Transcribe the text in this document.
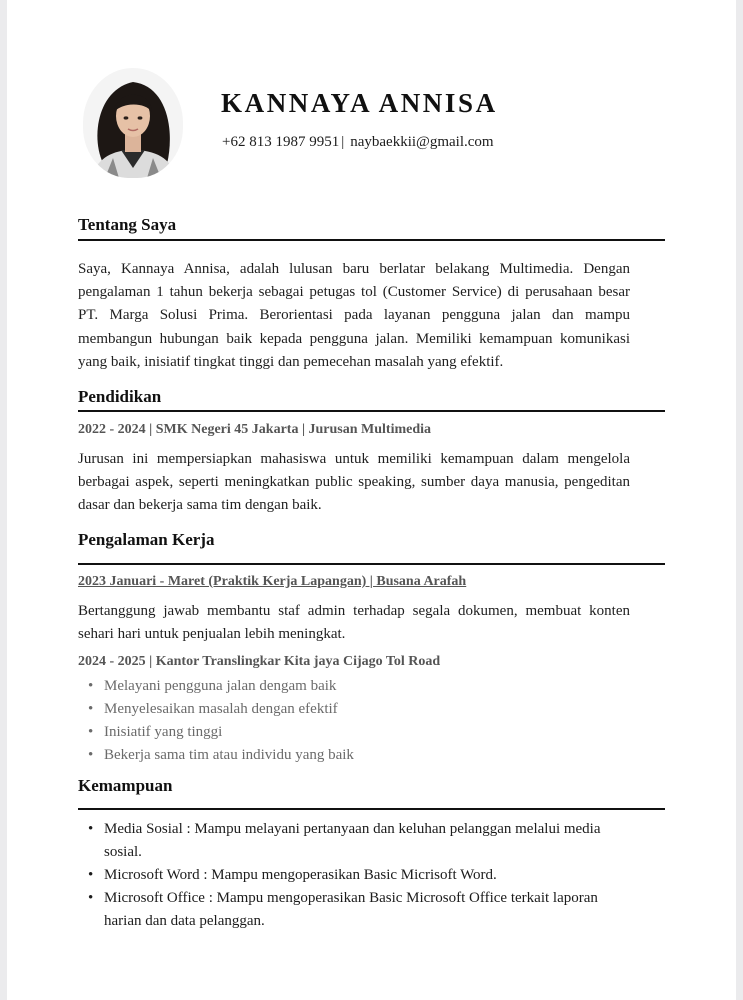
KANNAYA ANNISA
+62 813 1987 9951 | naybaekkii@gmail.com
Tentang Saya
Saya, Kannaya Annisa, adalah lulusan baru berlatar belakang Multimedia. Dengan pengalaman 1 tahun bekerja sebagai petugas tol (Customer Service) di perusahaan besar PT. Marga Solusi Prima. Berorientasi pada layanan pengguna jalan dan mampu membangun hubungan baik kepada pengguna jalan. Memiliki kemampuan komunikasi yang baik, inisiatif tingkat tinggi dan pemecehan masalah yang efektif.
Pendidikan
2022 - 2024 | SMK Negeri 45 Jakarta | Jurusan Multimedia
Jurusan ini mempersiapkan mahasiswa untuk memiliki kemampuan dalam mengelola berbagai aspek, seperti meningkatkan public speaking, sumber daya manusia, pengeditan dasar dan bekerja sama tim dengan baik.
Pengalaman Kerja
2023 Januari - Maret (Praktik Kerja Lapangan) | Busana Arafah
Bertanggung jawab membantu staf admin terhadap segala dokumen, membuat konten sehari hari untuk penjualan lebih meningkat.
2024 - 2025 | Kantor Translingkar Kita jaya Cijago Tol Road
• Melayani pengguna jalan dengam baik
• Menyelesaikan masalah dengan efektif
• Inisiatif yang tinggi
• Bekerja sama tim atau individu yang baik
Kemampuan
• Media Sosial : Mampu melayani pertanyaan dan keluhan pelanggan melalui media sosial.
• Microsoft Word : Mampu mengoperasikan Basic Micrisoft Word.
• Microsoft Office : Mampu mengoperasikan Basic Microsoft Office terkait laporan harian dan data pelanggan.
